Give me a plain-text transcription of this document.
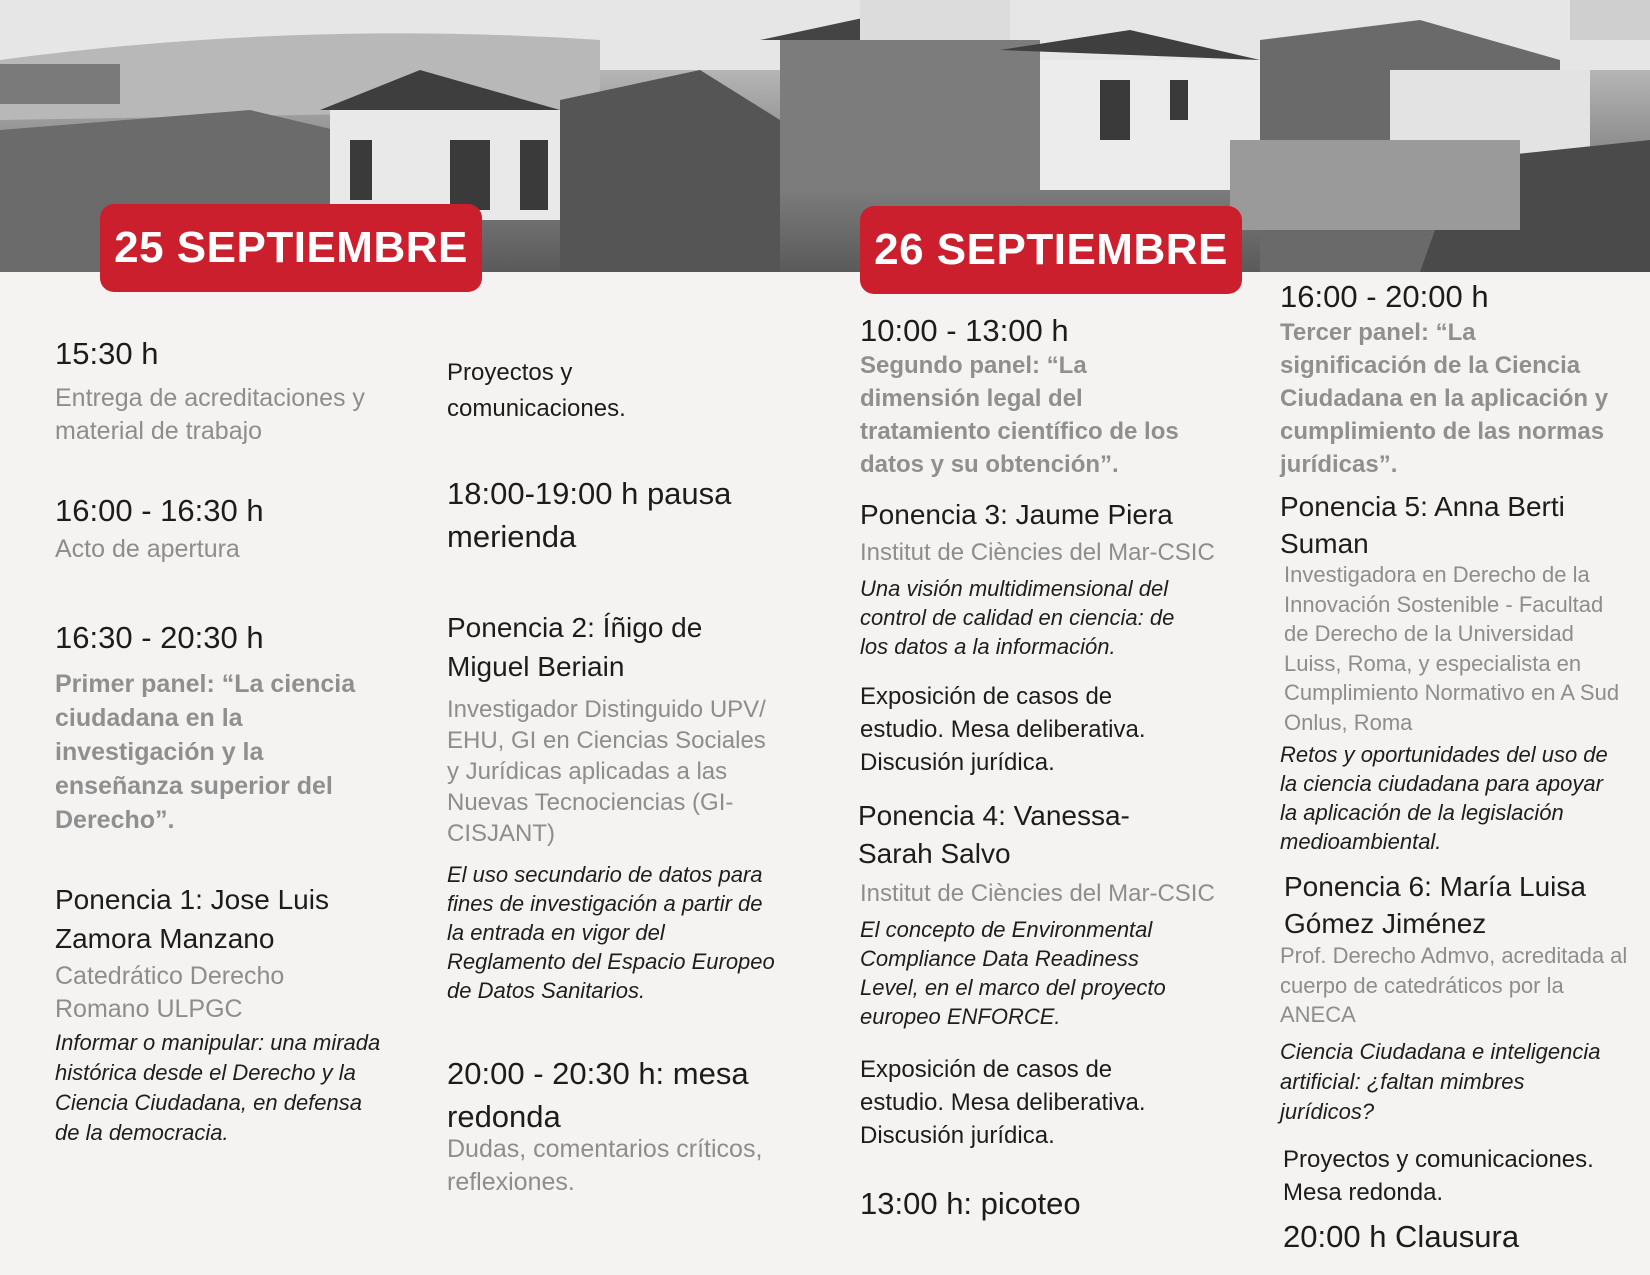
25 SEPTIEMBRE	26 SEPTIEMBRE

15:30 h

Entrega de acreditaciones y material de trabajo

16:00 - 16:30 h

Acto de apertura

16:30 - 20:30 h

Primer panel: “La ciencia ciudadana en la investigación y la enseñanza superior del Derecho”.

Ponencia 1: Jose Luis Zamora Manzano

Catedrático Derecho Romano ULPGC

Informar o manipular: una mirada histórica desde el Derecho y la Ciencia Ciudadana, en defensa de la democracia.

Proyectos y comunicaciones.

18:00-19:00 h pausa merienda

Ponencia 2: Íñigo de Miguel Beriain

Investigador Distinguido UPV/ EHU, GI en Ciencias Sociales y Jurídicas aplicadas a las Nuevas Tecnociencias (GI-CISJANT)

El uso secundario de datos para fines de investigación a partir de la entrada en vigor del Reglamento del Espacio Europeo de Datos Sanitarios.

20:00 - 20:30 h: mesa redonda

Dudas, comentarios críticos, reflexiones.

10:00 - 13:00 h

Segundo panel: “La dimensión legal del tratamiento científico de los datos y su obtención”.

Ponencia 3: Jaume Piera

Institut de Ciències del Mar-CSIC

Una visión multidimensional del control de calidad en ciencia: de los datos a la información.

Exposición de casos de estudio. Mesa deliberativa. Discusión jurídica.

Ponencia 4: Vanessa-Sarah Salvo

Institut de Ciències del Mar-CSIC

El concepto de Environmental Compliance Data Readiness Level, en el marco del proyecto europeo ENFORCE.

Exposición de casos de estudio. Mesa deliberativa. Discusión jurídica.

13:00 h: picoteo

16:00 - 20:00 h

Tercer panel: “La significación de la Ciencia Ciudadana en la aplicación y cumplimiento de las normas jurídicas”.

Ponencia 5: Anna Berti Suman

Investigadora en Derecho de la Innovación Sostenible - Facultad de Derecho de la Universidad Luiss, Roma, y especialista en Cumplimiento Normativo en A Sud Onlus, Roma

Retos y oportunidades del uso de la ciencia ciudadana para apoyar la aplicación de la legislación medioambiental.

Ponencia 6: María Luisa Gómez Jiménez

Prof. Derecho Admvo, acreditada al cuerpo de catedráticos por la ANECA

Ciencia Ciudadana e inteligencia artificial: ¿faltan mimbres jurídicos?

Proyectos y comunicaciones. Mesa redonda.

20:00 h Clausura
